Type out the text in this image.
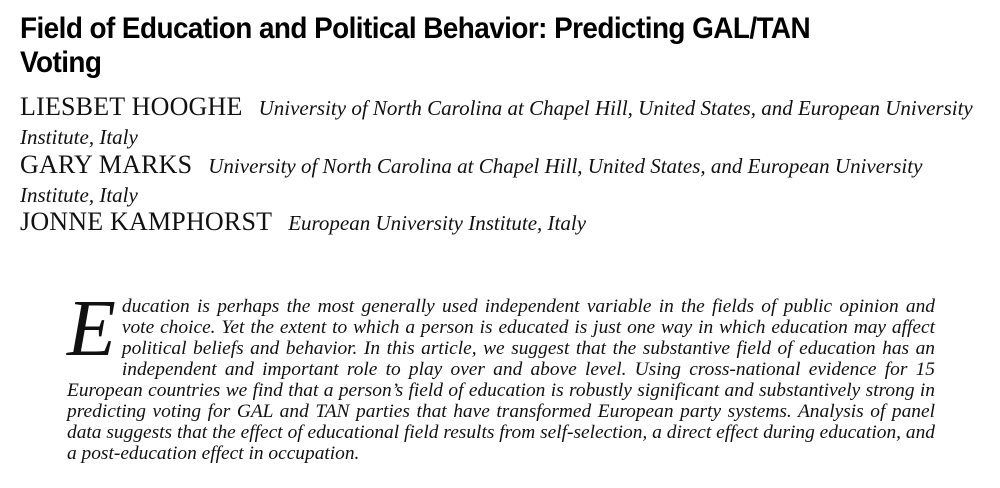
Field of Education and Political Behavior: Predicting GAL/TAN Voting

LIESBET HOOGHE University of North Carolina at Chapel Hill, United States, and European University Institute, Italy

GARY MARKS University of North Carolina at Chapel Hill, United States, and European University Institute, Italy

JONNE KAMPHORST European University Institute, Italy

Education is perhaps the most generally used independent variable in the fields of public opinion and vote choice. Yet the extent to which a person is educated is just one way in which education may affect political beliefs and behavior. In this article, we suggest that the substantive field of education has an independent and important role to play over and above level. Using cross-national evidence for 15 European countries we find that a person’s field of education is robustly significant and substantively strong in predicting voting for GAL and TAN parties that have transformed European party systems. Analysis of panel data suggests that the effect of educational field results from self-selection, a direct effect during education, and a post-education effect in occupation.
